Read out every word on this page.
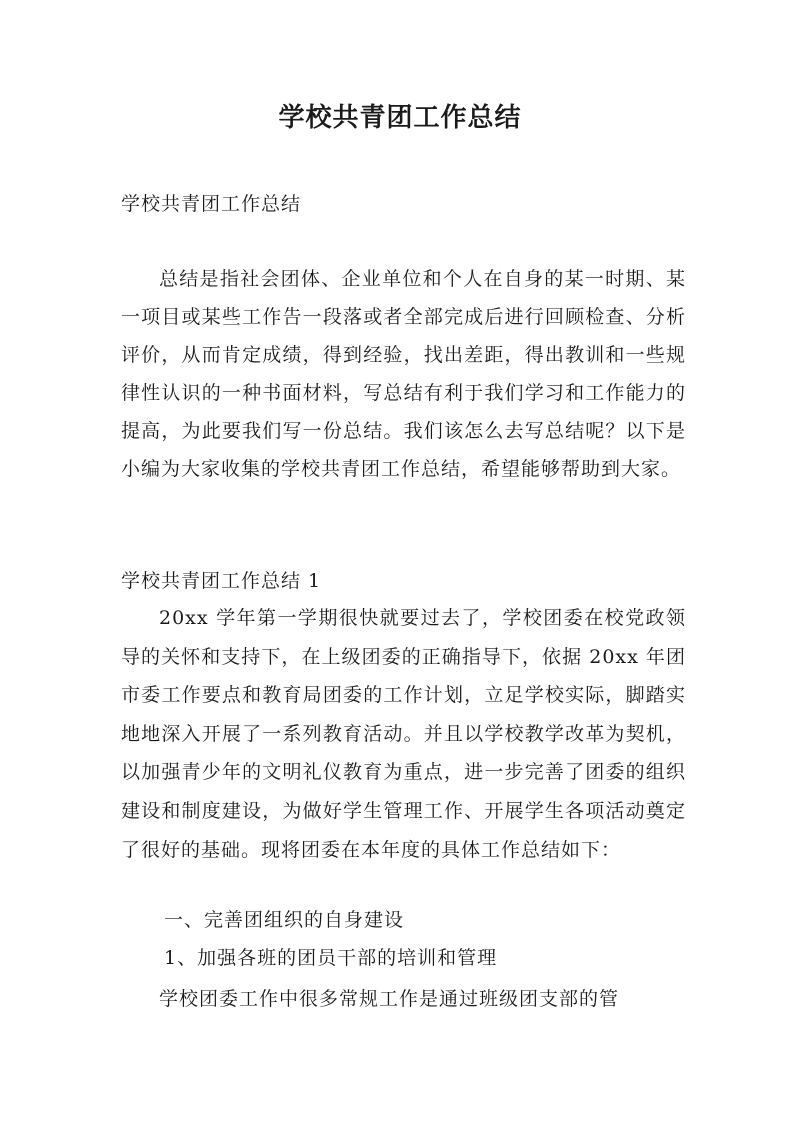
学校共青团工作总结

学校共青团工作总结

总结是指社会团体、企业单位和个人在自身的某一时期、某一项目或某些工作告一段落或者全部完成后进行回顾检查、分析评价，从而肯定成绩，得到经验，找出差距，得出教训和一些规律性认识的一种书面材料，写总结有利于我们学习和工作能力的提高，为此要我们写一份总结。我们该怎么去写总结呢？以下是小编为大家收集的学校共青团工作总结，希望能够帮助到大家。

学校共青团工作总结 1

20xx 学年第一学期很快就要过去了，学校团委在校党政领导的关怀和支持下，在上级团委的正确指导下，依据 20xx 年团市委工作要点和教育局团委的工作计划，立足学校实际，脚踏实地地深入开展了一系列教育活动。并且以学校教学改革为契机，以加强青少年的文明礼仪教育为重点，进一步完善了团委的组织建设和制度建设，为做好学生管理工作、开展学生各项活动奠定了很好的基础。现将团委在本年度的具体工作总结如下：

一、完善团组织的自身建设

1、加强各班的团员干部的培训和管理

学校团委工作中很多常规工作是通过班级团支部的管
